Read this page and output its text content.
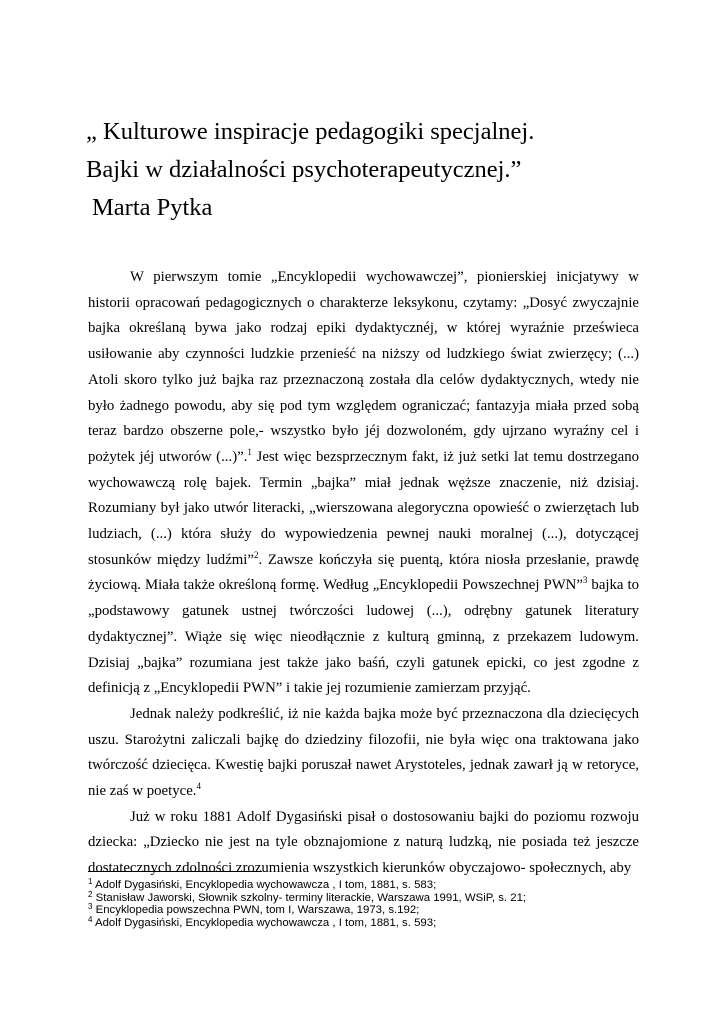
„ Kulturowe inspiracje pedagogiki specjalnej.

Bajki w działalności psychoterapeutycznej.”

Marta Pytka

W pierwszym tomie „Encyklopedii wychowawczej”, pionierskiej inicjatywy w historii opracowań pedagogicznych o charakterze leksykonu, czytamy: „Dosyć zwyczajnie bajka określaną bywa jako rodzaj epiki dydaktycznéj, w której wyraźnie prześwieca usiłowanie aby czynności ludzkie przenieść na niższy od ludzkiego świat zwierzęcy; (...) Atoli skoro tylko już bajka raz przeznaczoną została dla celów dydaktycznych, wtedy nie było żadnego powodu, aby się pod tym względem ograniczać; fantazyja miała przed sobą teraz bardzo obszerne pole,- wszystko było jéj dozwoloném, gdy ujrzano wyraźny cel i pożytek jéj utworów (...)”.$^1$ Jest więc bezsprzecznym fakt, iż już setki lat temu dostrzegano wychowawczą rolę bajek. Termin „bajka” miał jednak węższe znaczenie, niż dzisiaj. Rozumiany był jako utwór literacki, „wierszowana alegoryczna opowieść o zwierzętach lub ludziach, (...) która służy do wypowiedzenia pewnej nauki moralnej (...), dotyczącej stosunków między ludźmi”$^2$. Zawsze kończyła się puentą, która niosła przesłanie, prawdę życiową. Miała także określoną formę. Według „Encyklopedii Powszechnej PWN”$^3$ bajka to „podstawowy gatunek ustnej twórczości ludowej (...), odrębny gatunek literatury dydaktycznej”. Wiąże się więc nieodłącznie z kulturą gminną, z przekazem ludowym. Dzisiaj „bajka” rozumiana jest także jako baśń, czyli gatunek epicki, co jest zgodne z definicją z „Encyklopedii PWN” i takie jej rozumienie zamierzam przyjąć.

Jednak należy podkreślić, iż nie każda bajka może być przeznaczona dla dziecięcych uszu. Starożytni zaliczali bajkę do dziedziny filozofii, nie była więc ona traktowana jako twórczość dziecięca. Kwestię bajki poruszał nawet Arystoteles, jednak zawarł ją w retoryce, nie zaś w poetyce.$^4$

Już w roku 1881 Adolf Dygasiński pisał o dostosowaniu bajki do poziomu rozwoju dziecka: „Dziecko nie jest na tyle obznajomione z naturą ludzką, nie posiada też jeszcze dostatecznych zdolności zrozumienia wszystkich kierunków obyczajowo- społecznych, aby

$^1$ Adolf Dygasiński, Encyklopedia wychowawcza , I tom, 1881, s. 583;

$^2$ Stanisław Jaworski, Słownik szkolny- terminy literackie, Warszawa 1991, WSiP, s. 21;

$^3$ Encyklopedia powszechna PWN, tom I, Warszawa, 1973, s.192;

$^4$ Adolf Dygasiński, Encyklopedia wychowawcza , I tom, 1881, s. 593;
